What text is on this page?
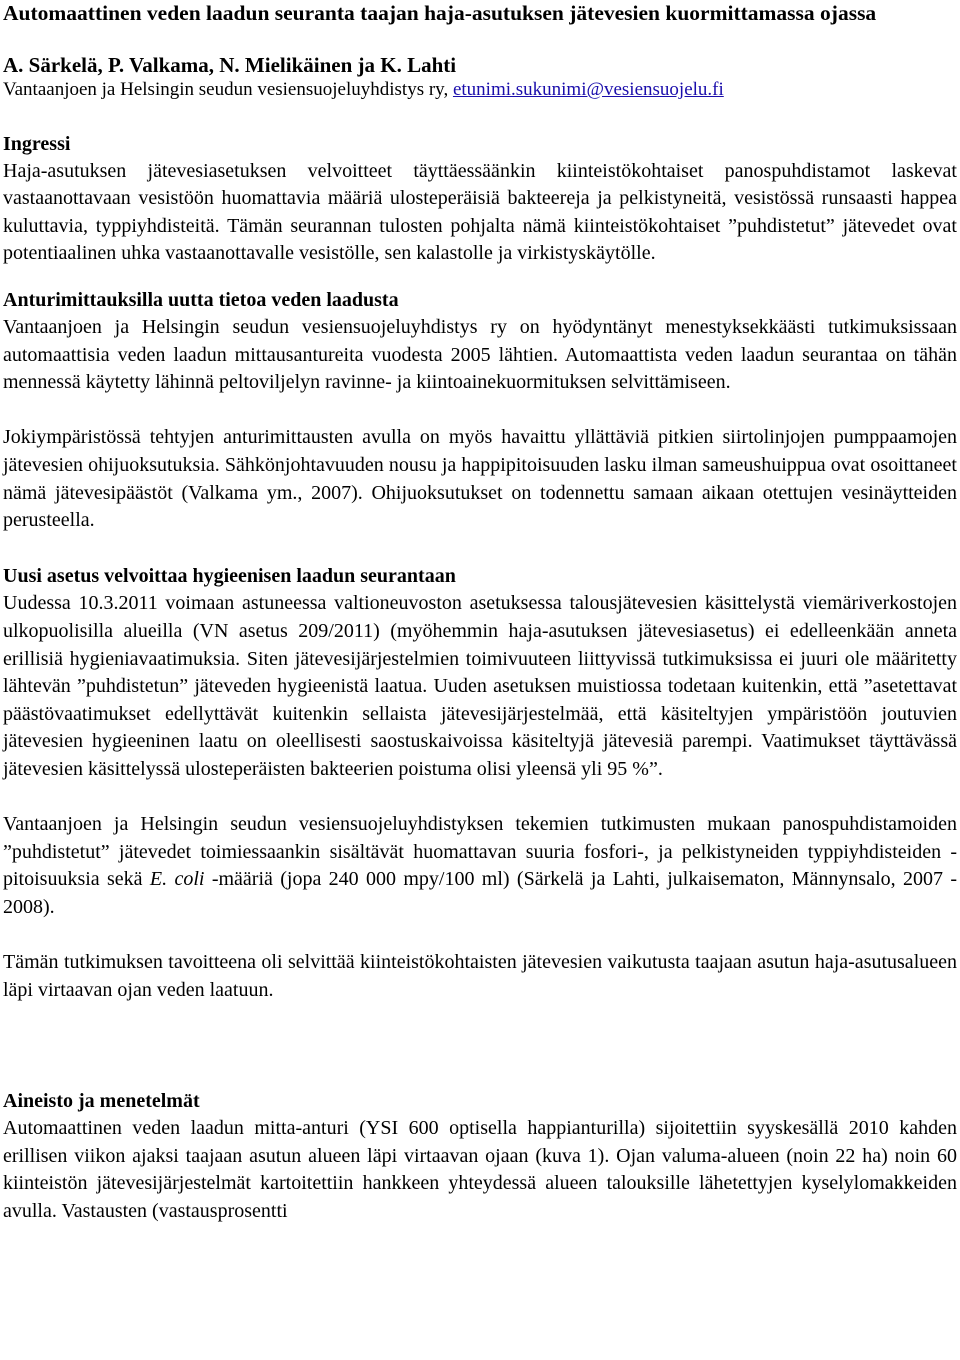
Automaattinen veden laadun seuranta taajan haja-asutuksen jätevesien kuormittamassa ojassa
A. Särkelä, P. Valkama, N. Mielikäinen ja K. Lahti
Vantaanjoen ja Helsingin seudun vesiensuojeluyhdistys ry, etunimi.sukunimi@vesiensuojelu.fi
Ingressi

Haja-asutuksen jätevesiasetuksen velvoitteet täyttäessäänkin kiinteistökohtaiset panospuhdistamot laskevat vastaanottavaan vesistöön huomattavia määriä ulosteperäisiä bakteereja ja pelkistyneitä, vesistössä runsaasti happea kuluttavia, typpiyhdisteitä. Tämän seurannan tulosten pohjalta nämä kiinteistökohtaiset ”puhdistetut” jätevedet ovat potentiaalinen uhka vastaanottavalle vesistölle, sen kalastolle ja virkistyskäytölle.

Anturimittauksilla uutta tietoa veden laadusta

Vantaanjoen ja Helsingin seudun vesiensuojeluyhdistys ry on hyödyntänyt menestyksekkäästi tutkimuksissaan automaattisia veden laadun mittausantureita vuodesta 2005 lähtien. Automaattista veden laadun seurantaa on tähän mennessä käytetty lähinnä peltoviljelyn ravinne- ja kiintoainekuormituksen selvittämiseen.

Jokiympäristössä tehtyjen anturimittausten avulla on myös havaittu yllättäviä pitkien siirtolinjojen pumppaamojen jätevesien ohijuoksutuksia. Sähkönjohtavuuden nousu ja happipitoisuuden lasku ilman sameushuippua ovat osoittaneet nämä jätevesipäästöt (Valkama ym., 2007). Ohijuoksutukset on todennettu samaan aikaan otettujen vesinäytteiden perusteella.

Uusi asetus velvoittaa hygieenisen laadun seurantaan

Uudessa 10.3.2011 voimaan astuneessa valtioneuvoston asetuksessa talousjätevesien käsittelystä viemäriverkostojen ulkopuolisilla alueilla (VN asetus 209/2011) (myöhemmin haja-asutuksen jätevesiasetus) ei edelleenkään anneta erillisiä hygieniavaatimuksia. Siten jätevesijärjestelmien toimivuuteen liittyvissä tutkimuksissa ei juuri ole määritetty lähtevän ”puhdistetun” jäteveden hygieenistä laatua. Uuden asetuksen muistiossa todetaan kuitenkin, että ”asetettavat päästövaatimukset edellyttävät kuitenkin sellaista jätevesijärjestelmää, että käsiteltyjen ympäristöön joutuvien jätevesien hygieeninen laatu on oleellisesti saostuskaivoissa käsiteltyjä jätevesiä parempi. Vaatimukset täyttävässä jätevesien käsittelyssä ulosteperäisten bakteerien poistuma olisi yleensä yli 95 %”.

Vantaanjoen ja Helsingin seudun vesiensuojeluyhdistyksen tekemien tutkimusten mukaan panospuhdistamoiden ”puhdistetut” jätevedet toimiessaankin sisältävät huomattavan suuria fosfori-, ja pelkistyneiden typpiyhdisteiden -pitoisuuksia sekä E. coli -määriä (jopa 240 000 mpy/100 ml) (Särkelä ja Lahti, julkaisematon, Männynsalo, 2007 - 2008).

Tämän tutkimuksen tavoitteena oli selvittää kiinteistökohtaisten jätevesien vaikutusta taajaan asutun haja-asutusalueen läpi virtaavan ojan veden laatuun.

Aineisto ja menetelmät

Automaattinen veden laadun mitta-anturi (YSI 600 optisella happianturilla) sijoitettiin syyskesällä 2010 kahden erillisen viikon ajaksi taajaan asutun alueen läpi virtaavan ojaan (kuva 1). Ojan valuma-alueen (noin 22 ha) noin 60 kiinteistön jätevesijärjestelmät kartoitettiin hankkeen yhteydessä alueen talouksille lähetettyjen kyselylomakkeiden avulla. Vastausten (vastausprosentti
